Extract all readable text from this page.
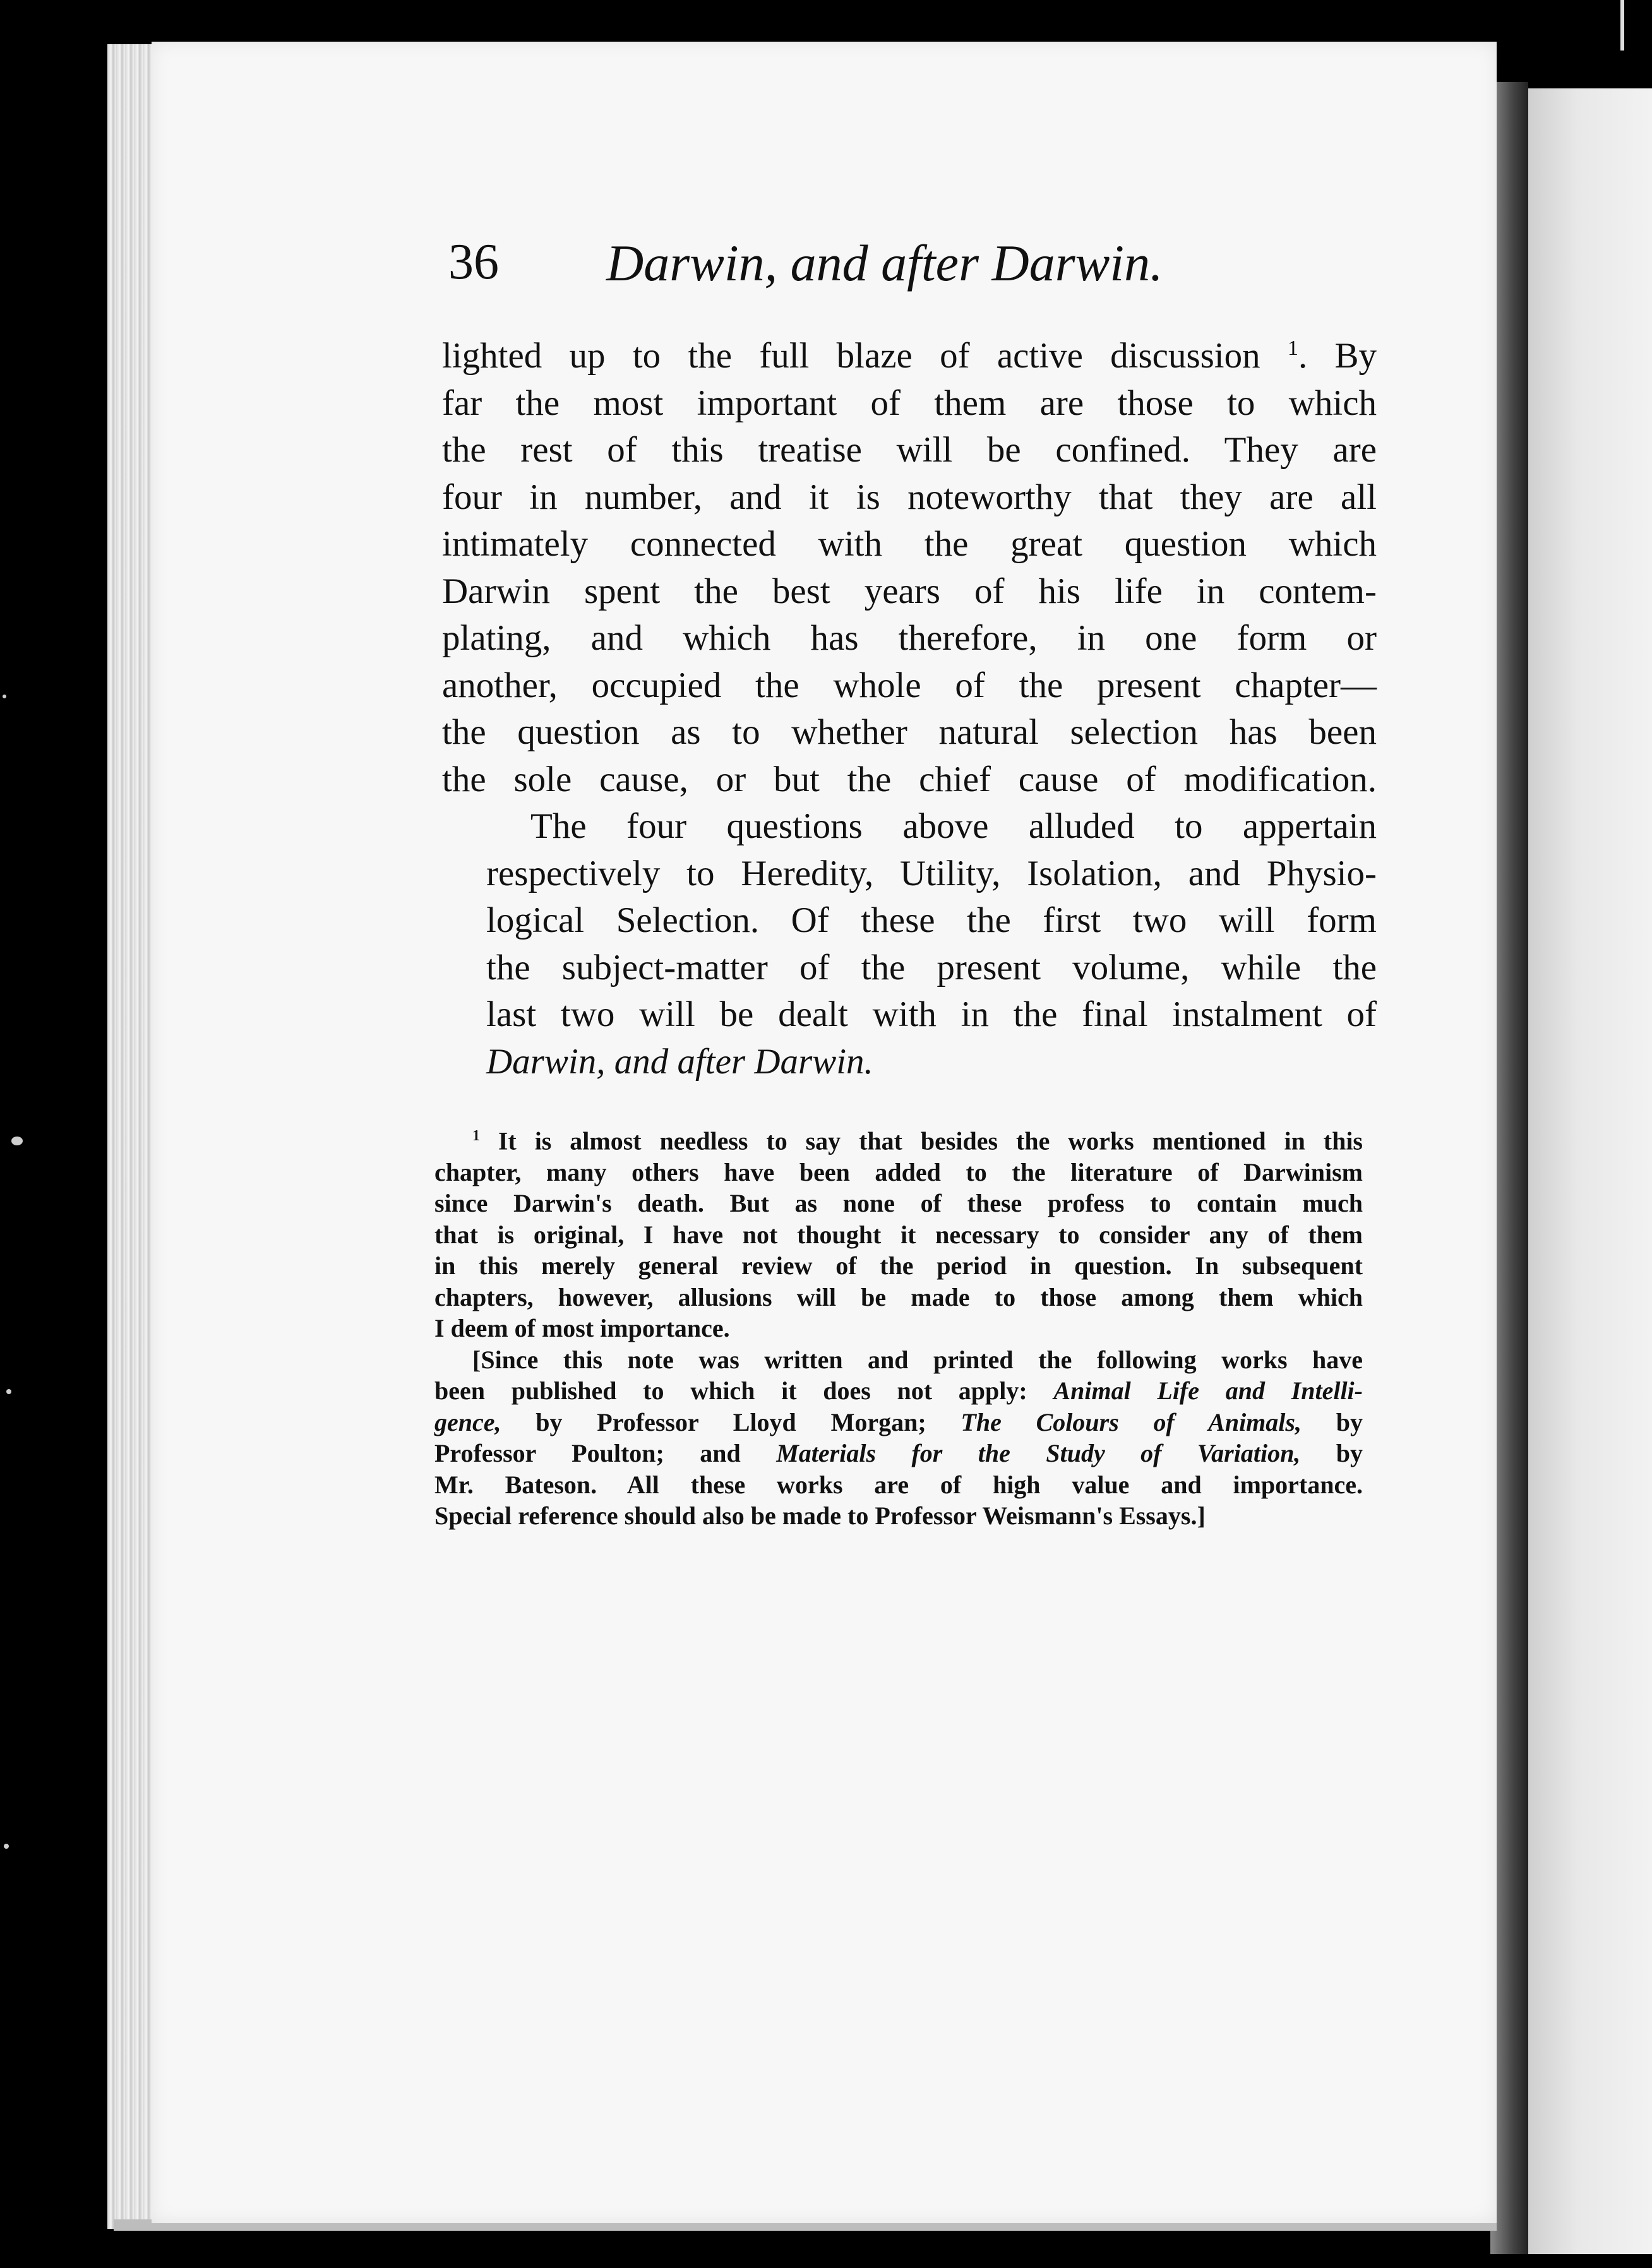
36 Darwin, and after Darwin.

lighted up to the full blaze of active discussion $^1$. By
far the most important of them are those to which
the rest of this treatise will be confined. They are
four in number, and it is noteworthy that they are all
intimately connected with the great question which
Darwin spent the best years of his life in contem-
plating, and which has therefore, in one form or
another, occupied the whole of the present chapter—
the question as to whether natural selection has been
the sole cause, or but the chief cause of modification.

The four questions above alluded to appertain
respectively to Heredity, Utility, Isolation, and Physio-
logical Selection. Of these the first two will form
the subject-matter of the present volume, while the
last two will be dealt with in the final instalment of
Darwin, and after Darwin.

$^1$ It is almost needless to say that besides the works mentioned in this
chapter, many others have been added to the literature of Darwinism
since Darwin's death. But as none of these profess to contain much
that is original, I have not thought it necessary to consider any of them
in this merely general review of the period in question. In subsequent
chapters, however, allusions will be made to those among them which
I deem of most importance.

[Since this note was written and printed the following works have
been published to which it does not apply: Animal Life and Intelli-
gence, by Professor Lloyd Morgan; The Colours of Animals, by
Professor Poulton; and Materials for the Study of Variation, by
Mr. Bateson. All these works are of high value and importance.
Special reference should also be made to Professor Weismann's Essays.]
